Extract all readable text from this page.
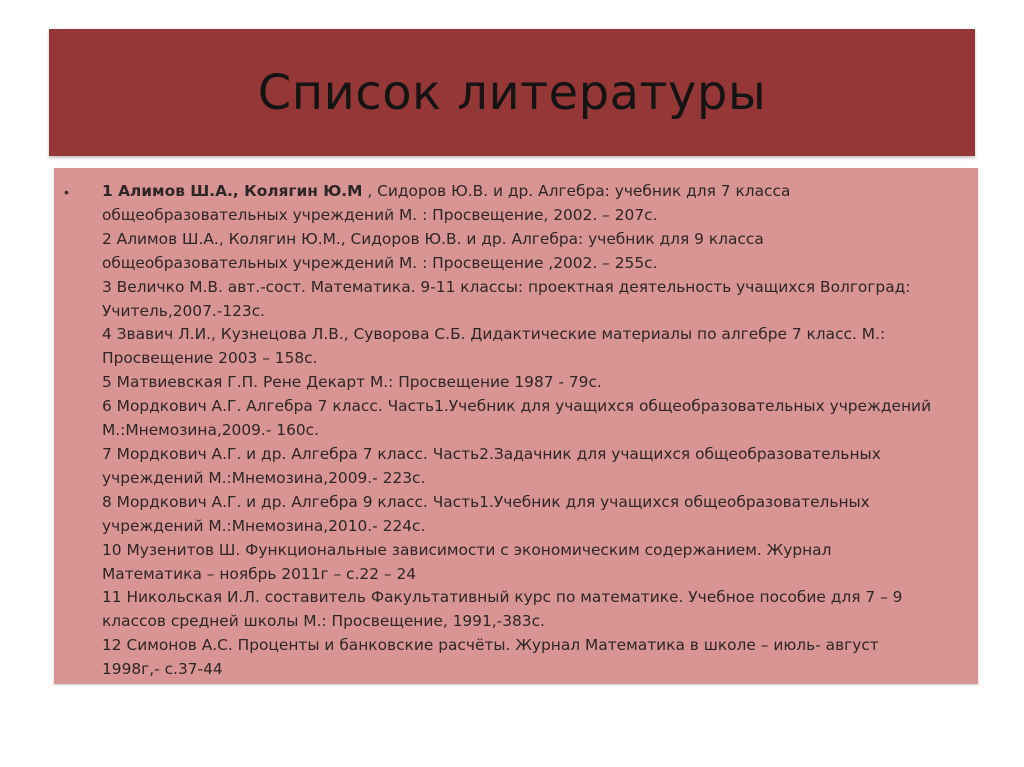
Список литературы
• 1 Алимов Ш.А., Колягин Ю.М , Сидоров Ю.В. и др. Алгебра: учебник для 7 класса
общеобразовательных учреждений М. : Просвещение, 2002. – 207с.
2 Алимов Ш.А., Колягин Ю.М., Сидоров Ю.В. и др. Алгебра: учебник для 9 класса
общеобразовательных учреждений М. : Просвещение ,2002. – 255с.
3 Величко М.В. авт.-сост. Математика. 9-11 классы: проектная деятельность учащихся Волгоград:
Учитель,2007.-123с.
4 Звавич Л.И., Кузнецова Л.В., Суворова С.Б. Дидактические материалы по алгебре 7 класс. М.:
Просвещение 2003 – 158с.
5 Матвиевская Г.П. Рене Декарт М.: Просвещение 1987 - 79с.
6 Мордкович А.Г. Алгебра 7 класс. Часть1.Учебник для учащихся общеобразовательных учреждений
М.:Мнемозина,2009.- 160с.
7 Мордкович А.Г. и др. Алгебра 7 класс. Часть2.Задачник для учащихся общеобразовательных
учреждений М.:Мнемозина,2009.- 223с.
8 Мордкович А.Г. и др. Алгебра 9 класс. Часть1.Учебник для учащихся общеобразовательных
учреждений М.:Мнемозина,2010.- 224с.
10 Музенитов Ш. Функциональные зависимости с экономическим содержанием. Журнал
Математика – ноябрь 2011г – с.22 – 24
11 Никольская И.Л. составитель Факультативный курс по математике. Учебное пособие для 7 – 9
классов средней школы М.: Просвещение, 1991,-383с.
12 Симонов А.С. Проценты и банковские расчёты. Журнал Математика в школе – июль- август
1998г,- с.37-44
